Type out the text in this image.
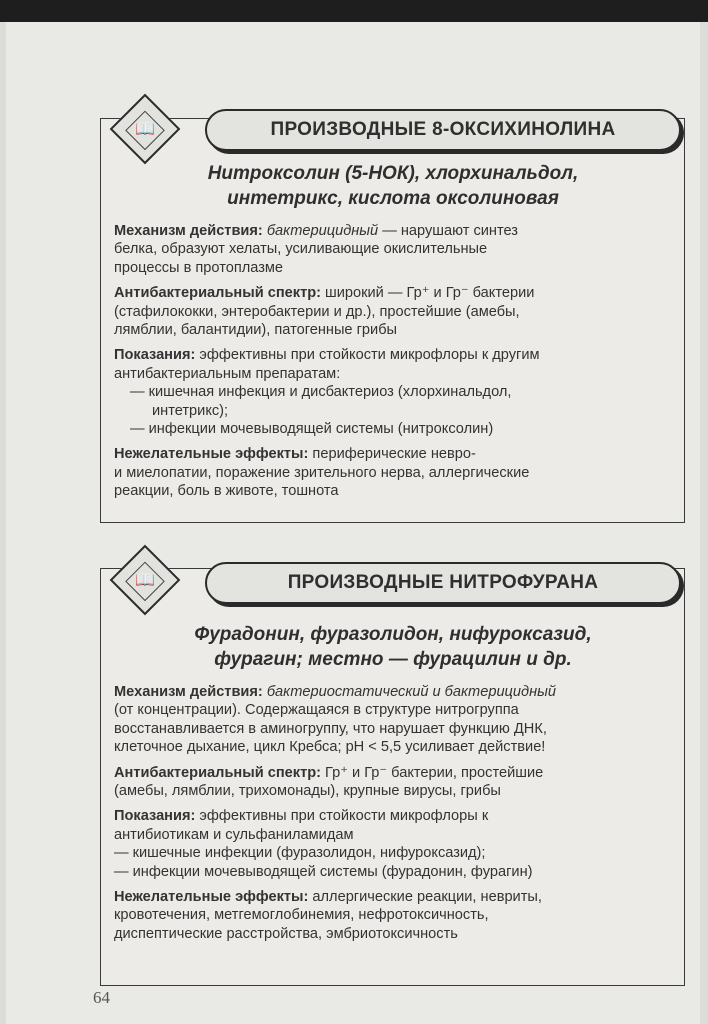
📖	ПРОИЗВОДНЫЕ 8-ОКСИХИНОЛИНА
Нитроксолин (5-НОК), хлорхинальдол,
интетрикс, кислота оксолиновая

Механизм действия: бактерицидный — нарушают синтез
белка, образуют хелаты, усиливающие окислительные
процессы в протоплазме

Антибактериальный спектр: широкий — Гр⁺ и Гр⁻ бактерии
(стафилококки, энтеробактерии и др.), простейшие (амебы,
лямблии, балантидии), патогенные грибы

Показания: эффективны при стойкости микрофлоры к другим
антибактериальным препаратам:

— кишечная инфекция и дисбактериоз (хлорхинальдол,

интетрикс);

— инфекции мочевыводящей системы (нитроксолин)

Нежелательные эффекты: периферические невро-
и миелопатии, поражение зрительного нерва, аллергические
реакции, боль в животе, тошнота

📖	ПРОИЗВОДНЫЕ НИТРОФУРАНА
Фурадонин, фуразолидон, нифуроксазид,
фурагин; местно — фурацилин и др.

Механизм действия: бактериостатический и бактерицидный
(от концентрации). Содержащаяся в структуре нитрогруппа
восстанавливается в аминогруппу, что нарушает функцию ДНК,
клеточное дыхание, цикл Кребса; pH < 5,5 усиливает действие!

Антибактериальный спектр: Гр⁺ и Гр⁻ бактерии, простейшие
(амебы, лямблии, трихомонады), крупные вирусы, грибы

Показания: эффективны при стойкости микрофлоры к
антибиотикам и сульфаниламидам

— кишечные инфекции (фуразолидон, нифуроксазид);

— инфекции мочевыводящей системы (фурадонин, фурагин)

Нежелательные эффекты: аллергические реакции, невриты,
кровотечения, метгемоглобинемия, нефротоксичность,
диспептические расстройства, эмбриотоксичность

64
